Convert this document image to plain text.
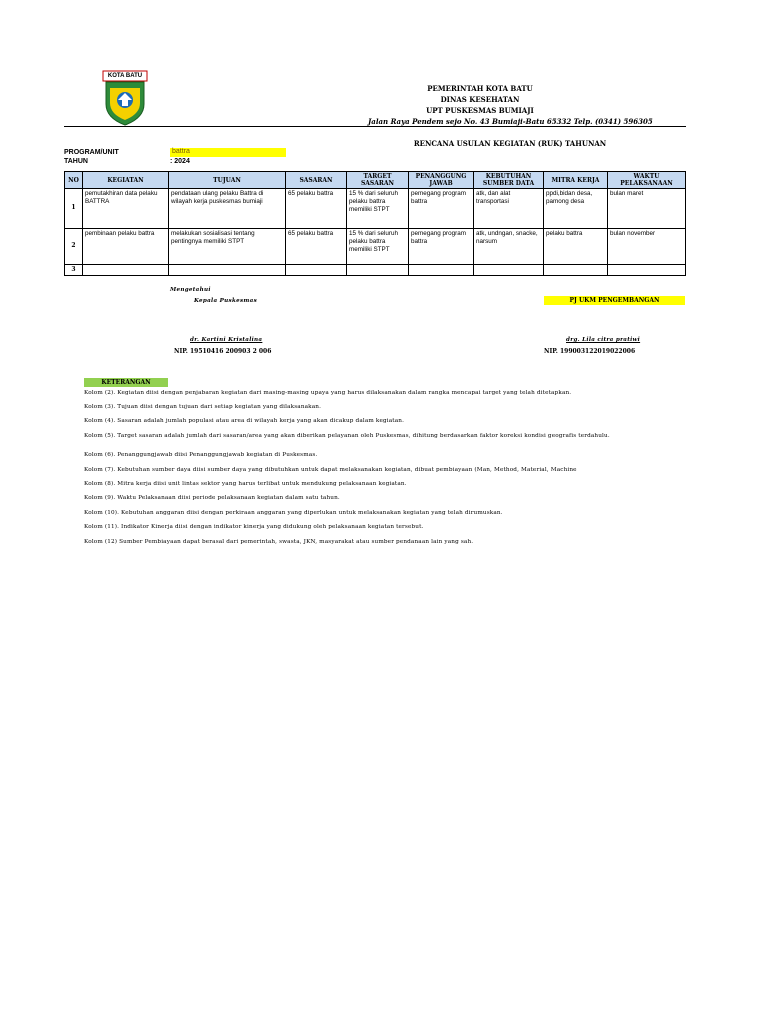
KOTA BATU
PEMERINTAH KOTA BATU
DINAS KESEHATAN
UPT PUSKESMAS BUMIAJI
Jalan Raya Pendem sejo No. 43 Bumiaji-Batu 65332 Telp. (0341) 596305
RENCANA USULAN KEGIATAN (RUK) TAHUNAN
PROGRAM/UNIT	battra
TAHUN	: 2024
NO	KEGIATAN	TUJUAN	SASARAN	TARGET SASARAN	PENANGGUNG JAWAB	KEBUTUHAN SUMBER DATA	MITRA KERJA	WAKTU PELAKSANAAN
1	pemutakhiran data pelaku BATTRA	pendataan ulang pelaku Battra di wilayah kerja puskesmas bumiaji	65 pelaku battra	15 % dari seluruh pelaku battra memiliki STPT	pemegang program battra	atk, dan alat transportasi	ppdi,bidan desa, pamong desa	bulan maret
2	pembinaan pelaku battra	melakukan sosialisasi tentang pentingnya memiliki STPT	65 pelaku battra	15 % dari seluruh pelaku battra memiliki STPT	pemegang program battra	atk, undngan, snacke, narsum	pelaku battra	bulan november
3								
Mengetahui
Kepala Puskesmas	PJ UKM PENGEMBANGAN
dr. Kartini Kristalina
NIP. 19510416 200903 2 006
drg. Lila citra pratiwi
NIP. 199003122019022006
KETERANGAN
Kolom (2). Kegiatan diisi dengan penjabaran kegiatan dari masing-masing upaya yang harus dilaksanakan dalam rangka mencapai target yang telah ditetapkan.
Kolom (3). Tujuan diisi dengan tujuan dari setiap kegiatan yang dilaksanakan.
Kolom (4). Sasaran adalah jumlah populasi atau area di wilayah kerja yang akan dicakup dalam kegiatan.
Kolom (5). Target sasaran adalah jumlah dari sasaran/area yang akan diberikan pelayanan oleh Puskesmas, dihitung berdasarkan faktor koreksi kondisi geografis terdahulu.
Kolom (6). Penanggungjawab diisi Penanggungjawab kegiatan di Puskesmas.
Kolom (7). Kebutuhan sumber daya diisi sumber daya yang dibutuhkan untuk dapat melaksanakan kegiatan, dibuat pembiayaan (Man, Method, Material, Machine
Kolom (8). Mitra kerja diisi unit lintas sektor yang harus terlibat untuk mendukung pelaksanaan kegiatan.
Kolom (9). Waktu Pelaksanaan diisi periode pelaksanaan kegiatan dalam satu tahun.
Kolom (10). Kebutuhan anggaran diisi dengan perkiraan anggaran yang diperlukan untuk melaksanakan kegiatan yang telah dirumuskan.
Kolom (11). Indikator Kinerja diisi dengan indikator kinerja yang didukung oleh pelaksanaan kegiatan tersebut.
Kolom (12) Sumber Pembiayaan dapat berasal dari pemerintah, swasta, JKN, masyarakat atau sumber pendanaan lain yang sah.
